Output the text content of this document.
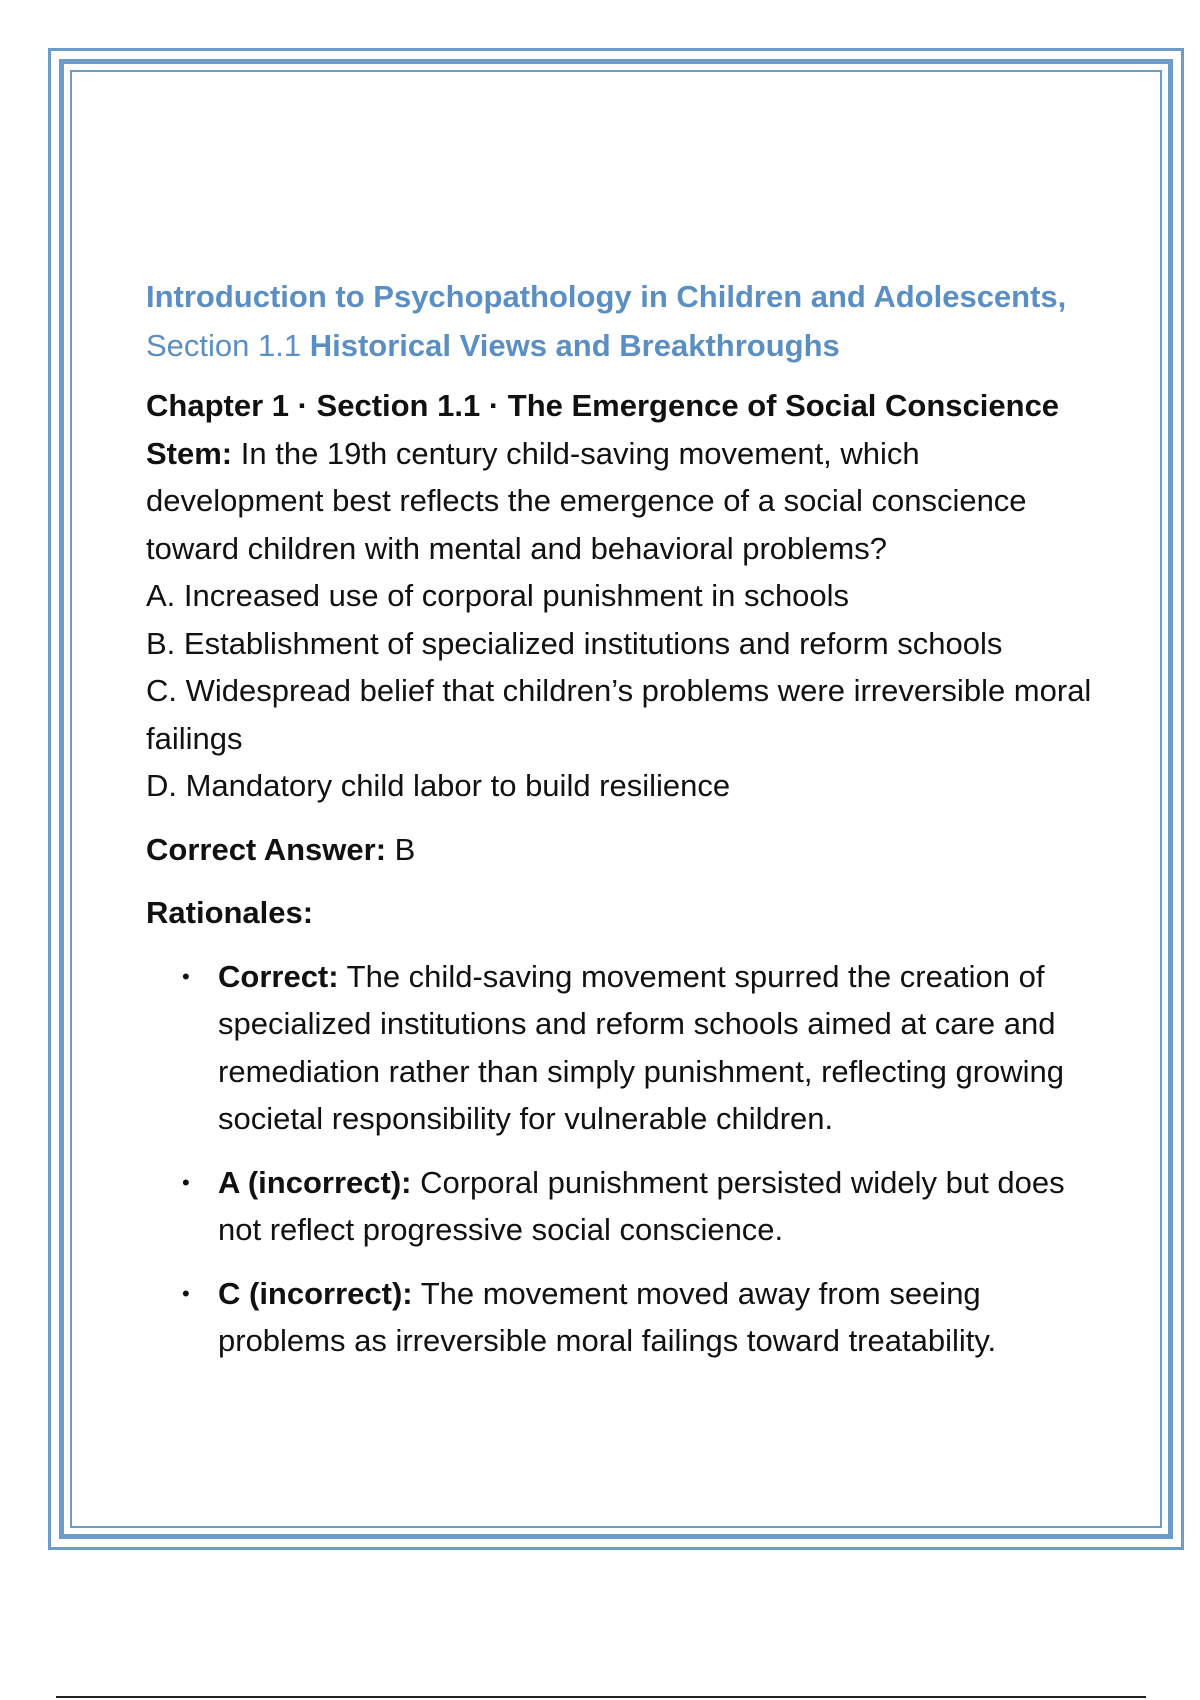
Introduction to Psychopathology in Children and Adolescents,
Section 1.1 Historical Views and Breakthroughs
Chapter 1 · Section 1.1 · The Emergence of Social Conscience
Stem: In the 19th century child-saving movement, which development best reflects the emergence of a social conscience toward children with mental and behavioral problems?
A. Increased use of corporal punishment in schools
B. Establishment of specialized institutions and reform schools
C. Widespread belief that children’s problems were irreversible moral failings
D. Mandatory child labor to build resilience
Correct Answer: B
Rationales:
• Correct: The child-saving movement spurred the creation of specialized institutions and reform schools aimed at care and remediation rather than simply punishment, reflecting growing societal responsibility for vulnerable children.
• A (incorrect): Corporal punishment persisted widely but does not reflect progressive social conscience.
• C (incorrect): The movement moved away from seeing problems as irreversible moral failings toward treatability.
